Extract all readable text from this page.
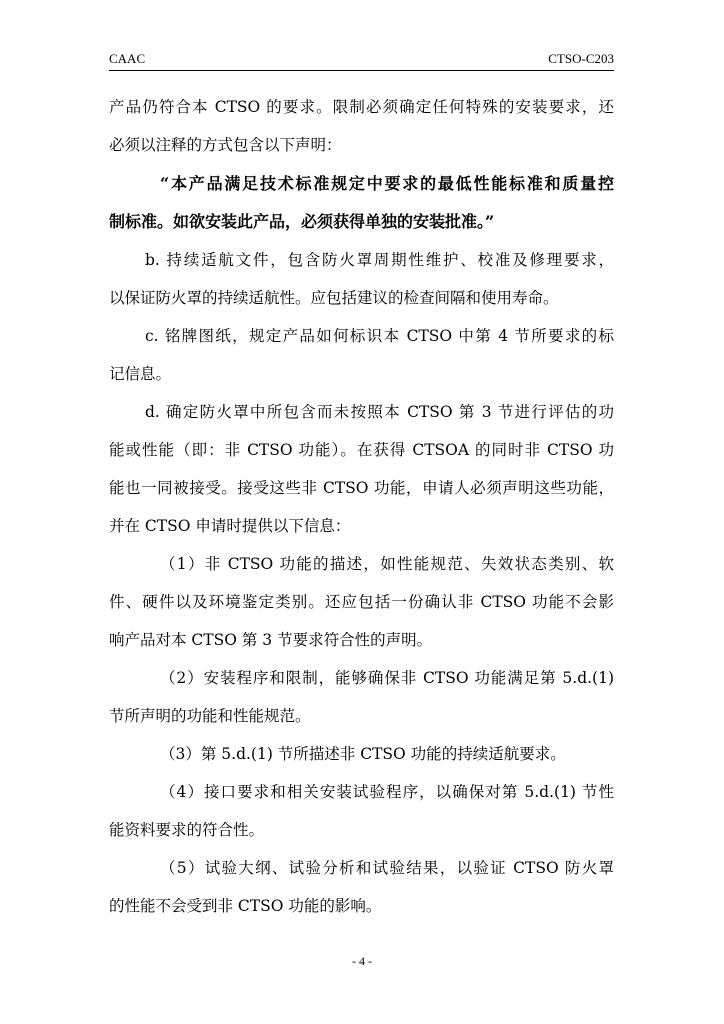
CAAC	CTSO-C203
产品仍符合本 CTSO 的要求。限制必须确定任何特殊的安装要求，还
必须以注释的方式包含以下声明：
“本产品满足技术标准规定中要求的最低性能标准和质量控
制标准。如欲安装此产品，必须获得单独的安装批准。”
b. 持续适航文件，包含防火罩周期性维护、校准及修理要求，
以保证防火罩的持续适航性。应包括建议的检查间隔和使用寿命。
c. 铭牌图纸，规定产品如何标识本 CTSO 中第 4 节所要求的标
记信息。
d. 确定防火罩中所包含而未按照本 CTSO 第 3 节进行评估的功
能或性能（即：非 CTSO 功能）。在获得 CTSOA 的同时非 CTSO 功
能也一同被接受。接受这些非 CTSO 功能，申请人必须声明这些功能，
并在 CTSO 申请时提供以下信息：
（1）非 CTSO 功能的描述，如性能规范、失效状态类别、软
件、硬件以及环境鉴定类别。还应包括一份确认非 CTSO 功能不会影
响产品对本 CTSO 第 3 节要求符合性的声明。
（2）安装程序和限制，能够确保非 CTSO 功能满足第 5.d.(1)
节所声明的功能和性能规范。
（3）第 5.d.(1) 节所描述非 CTSO 功能的持续适航要求。
（4）接口要求和相关安装试验程序，以确保对第 5.d.(1) 节性
能资料要求的符合性。
（5）试验大纲、试验分析和试验结果，以验证 CTSO 防火罩
的性能不会受到非 CTSO 功能的影响。
- 4 -
